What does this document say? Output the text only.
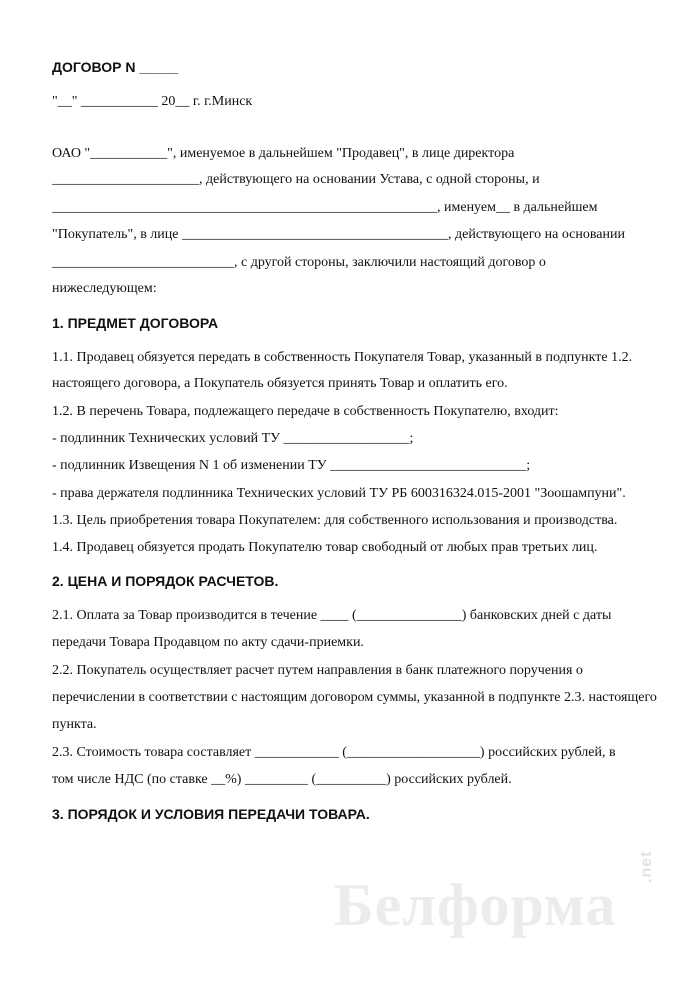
ДОГОВОР N _____
"__" ___________ 20__ г. г.Минск
ОАО "___________", именуемое в дальнейшем "Продавец", в лице директора
_____________________, действующего на основании Устава, с одной стороны, и
_______________________________________________________, именуем__ в дальнейшем
"Покупатель", в лице ______________________________________, действующего на основании
__________________________, с другой стороны, заключили настоящий договор о
нижеследующем:
1. ПРЕДМЕТ ДОГОВОРА
1.1. Продавец обязуется передать в собственность Покупателя Товар, указанный в подпункте 1.2.
настоящего договора, а Покупатель обязуется принять Товар и оплатить его.
1.2. В перечень Товара, подлежащего передаче в собственность Покупателю, входит:
- подлинник Технических условий ТУ __________________;
- подлинник Извещения N 1 об изменении ТУ ____________________________;
- права держателя подлинника Технических условий ТУ РБ 600316324.015-2001 "Зоошампуни".
1.3. Цель приобретения товара Покупателем: для собственного использования и производства.
1.4. Продавец обязуется продать Покупателю товар свободный от любых прав третьих лиц.
2. ЦЕНА И ПОРЯДОК РАСЧЕТОВ.
2.1. Оплата за Товар производится в течение ____ (_______________) банковских дней с даты
передачи Товара Продавцом по акту сдачи-приемки.
2.2. Покупатель осуществляет расчет путем направления в банк платежного поручения о
перечислении в соответствии с настоящим договором суммы, указанной в подпункте 2.3. настоящего
пункта.
2.3. Стоимость товара составляет ____________ (___________________) российских рублей, в
том числе НДС (по ставке __%) _________ (__________) российских рублей.
3. ПОРЯДОК И УСЛОВИЯ ПЕРЕДАЧИ ТОВАРА.
Белформа
.net
